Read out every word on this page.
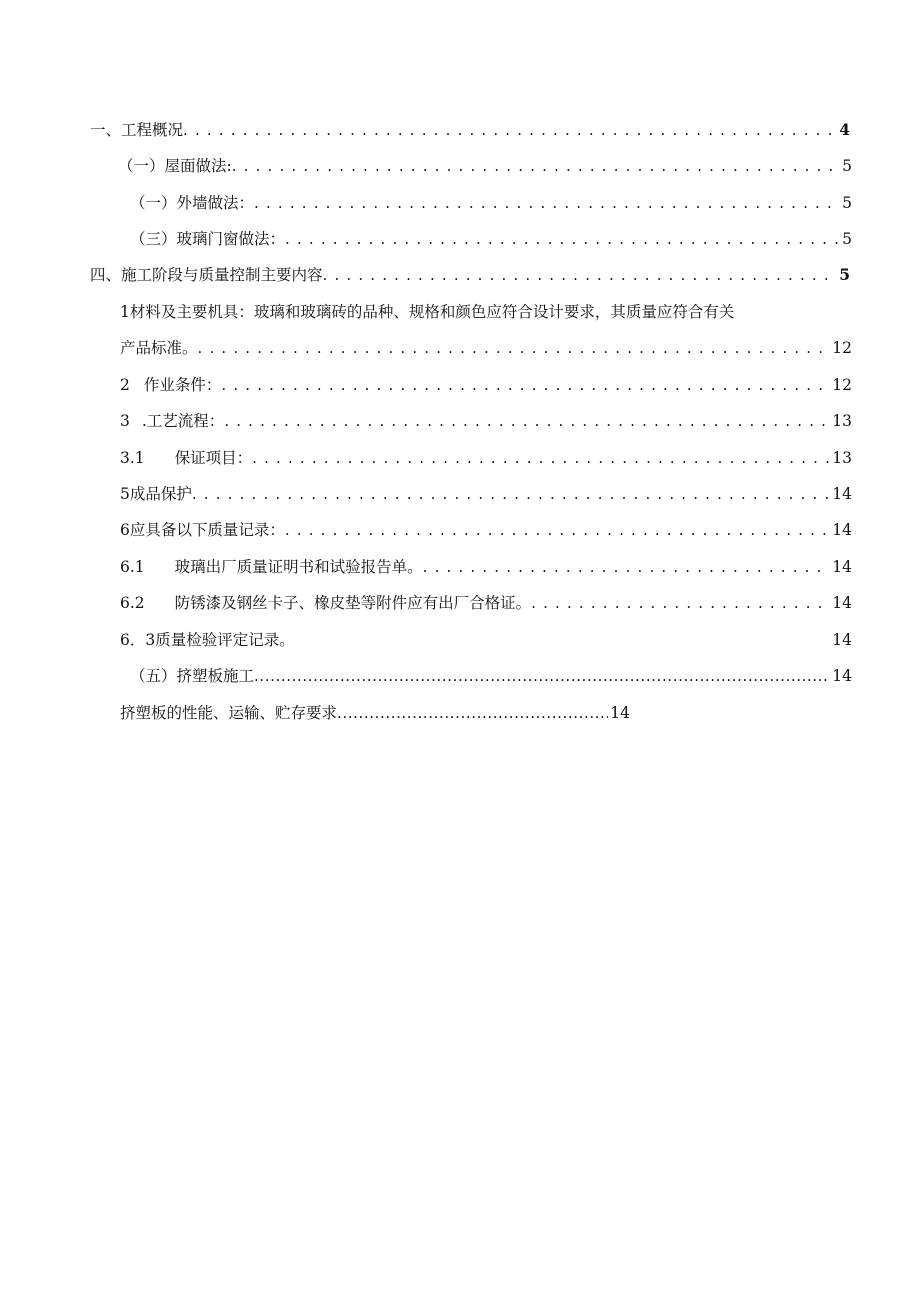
一、工程概况 . . .	4
（一）屋面做法: . . .	5
（一）外墙做法： . . .	5
（三）玻璃门窗做法： . . .	5
四、施工阶段与质量控制主要内容 . . .	5
1材料及主要机具：玻璃和玻璃砖的品种、规格和颜色应符合设计要求，其质量应符合有关
产品标准。 . . .	12
2 作业条件： . . .	12
3 .工艺流程： . . .	13
3.1 保证项目： . . .	13
5成品保护 . . .	14
6应具备以下质量记录： . . .	14
6.1 玻璃出厂质量证明书和试验报告单。 . . .	14
6.2 防锈漆及钢丝卡子、橡皮垫等附件应有出厂合格证。 . . .	14
6．3质量检验评定记录。	14
（五）挤塑板施工 .....	14
挤塑板的性能、运输、贮存要求 .....	14
